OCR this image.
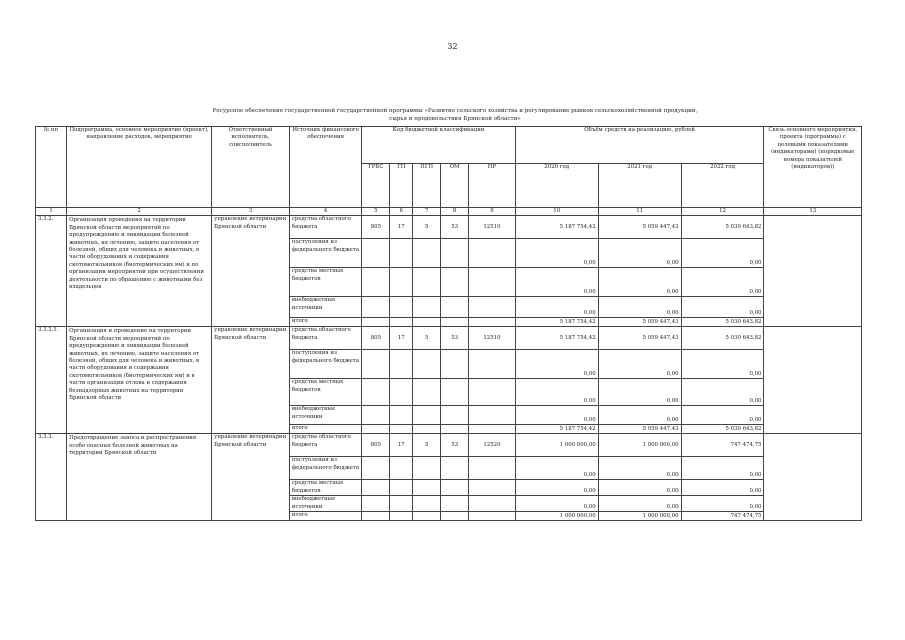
32
Ресурсное обеспечение государственной государственной программы «Развитие сельского хозяйства и регулирование рынков сельскохозяйственной продукции,
сырья и продовольствия Брянской области»
№ пп	Подпрограмма, основное мероприятие (проект), направление расходов, мероприятие	Ответственный исполнитель, соисполнитель	Источник финансового обеспечения	Код бюджетной классификации					Объём средств на реализацию, рублей			Связь основного мероприятия, проекта (программы) с целевыми показателями (индикаторами) (порядковые номера показателей (индикаторов))
				ГРБС	ГП	ПГП	ОМ	НР	2020 год	2021 год	2022 год	
1	2	3	4	5	6	7	8	9	10	11	12	13
3.3.2.	Организация проведения на территории Брянской области мероприятий по предупреждению и ликвидации болезней животных, их лечению, защите населения от болезней, общих для человека и животных, в части оборудования и содержания скотомогильников (биотермических ям) и по организации мероприятий при осуществлении деятельности по обращению с животными без владельцев	управление ветеринарии Брянской области	средства областного бюджета	805	17	5	53	12510	5 187 754,42	5 059 447,43	5 030 643,82	
			поступления из федерального бюджета						0,00	0,00	0,00	
			средства местных бюджетов						0,00	0,00	0,00	
			внебюджетные источники						0,00	0,00	0,00	
			итого						5 187 754,42	5 059 447,43	5 030 643,82	
3.3.2.1.	Организация и проведение на территории Брянской области мероприятий по предупреждению и ликвидации болезней животных, их лечению, защите населения от болезней, общих для человека и животных, в части оборудования и содержания скотомогильников (биотермических ям) и в части организации отлова и содержания безнадзорных животных на территории Брянской области	управление ветеринарии Брянской области	средства областного бюджета	805	17	5	53	12510	5 187 754,42	5 059 447,43	5 030 643,82	
			поступления из федерального бюджета						0,00	0,00	0,00	
			средства местных бюджетов						0,00	0,00	0,00	
			внебюджетные источники						0,00	0,00	0,00	
			итого						5 187 754,42	5 059 447,43	5 030 643,82	
3.3.3.	Предотвращение заноса и распространения особо опасных болезней животных на территории Брянской области	управление ветеринарии Брянской области	средства областного бюджета	805	17	5	53	12520	1 000 000,00	1 000 000,00	747 474,75	
			поступления из федерального бюджета						0,00	0,00	0,00	
			средства местных бюджетов						0,00	0,00	0,00	
			внебюджетные источники						0,00	0,00	0,00	
			итого						1 000 000,00	1 000 000,00	747 474,75	
